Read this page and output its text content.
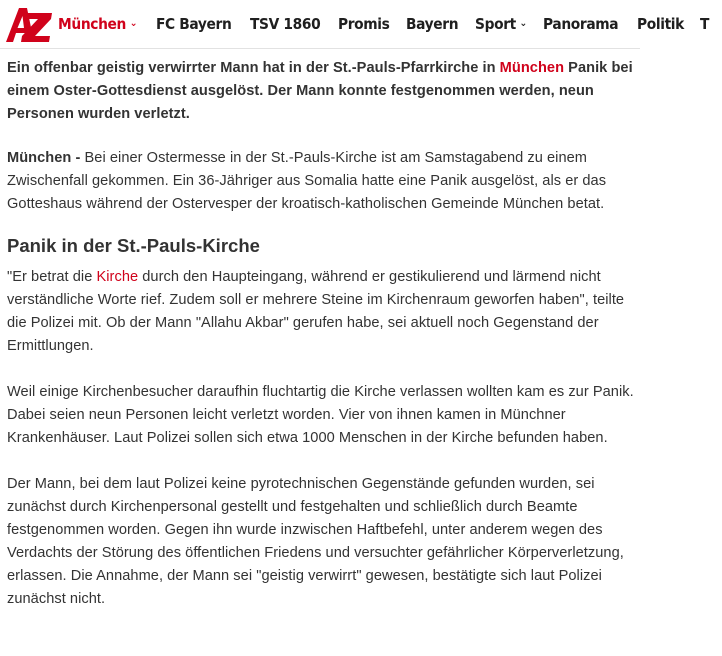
München ⌄ FC Bayern TSV 1860 Promis Bayern Sport ⌄ Panorama Politik T

Ein offenbar geistig verwirrter Mann hat in der St.-Pauls-Pfarrkirche in München Panik bei einem Oster-Gottesdienst ausgelöst. Der Mann konnte festgenommen werden, neun Personen wurden verletzt.

München - Bei einer Ostermesse in der St.-Pauls-Kirche ist am Samstagabend zu einem Zwischenfall gekommen. Ein 36-Jähriger aus Somalia hatte eine Panik ausgelöst, als er das Gotteshaus während der Ostervesper der kroatisch-katholischen Gemeinde München betat.

Panik in der St.-Pauls-Kirche

"Er betrat die Kirche durch den Haupteingang, während er gestikulierend und lärmend nicht verständliche Worte rief. Zudem soll er mehrere Steine im Kirchenraum geworfen haben", teilte die Polizei mit. Ob der Mann "Allahu Akbar" gerufen habe, sei aktuell noch Gegenstand der Ermittlungen.

Weil einige Kirchenbesucher daraufhin fluchtartig die Kirche verlassen wollten kam es zur Panik. Dabei seien neun Personen leicht verletzt worden. Vier von ihnen kamen in Münchner Krankenhäuser. Laut Polizei sollen sich etwa 1000 Menschen in der Kirche befunden haben.

Der Mann, bei dem laut Polizei keine pyrotechnischen Gegenstände gefunden wurden, sei zunächst durch Kirchenpersonal gestellt und festgehalten und schließlich durch Beamte festgenommen worden. Gegen ihn wurde inzwischen Haftbefehl, unter anderem wegen des Verdachts der Störung des öffentlichen Friedens und versuchter gefährlicher Körperverletzung, erlassen. Die Annahme, der Mann sei "geistig verwirrt" gewesen, bestätigte sich laut Polizei zunächst nicht.
